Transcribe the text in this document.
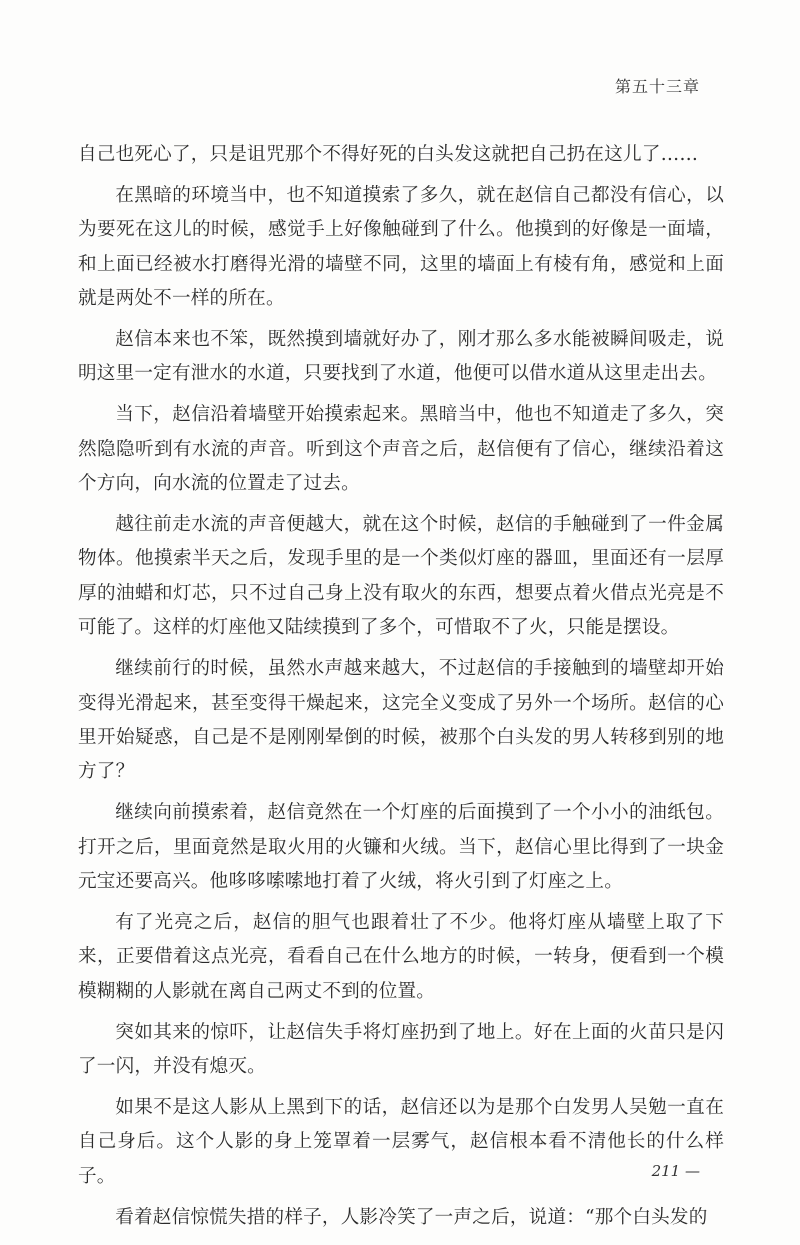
第五十三章

自己也死心了，只是诅咒那个不得好死的白头发这就把自己扔在这儿了……

在黑暗的环境当中，也不知道摸索了多久，就在赵信自己都没有信心，以为要死在这儿的时候，感觉手上好像触碰到了什么。他摸到的好像是一面墙，和上面已经被水打磨得光滑的墙壁不同，这里的墙面上有棱有角，感觉和上面就是两处不一样的所在。

赵信本来也不笨，既然摸到墙就好办了，刚才那么多水能被瞬间吸走，说明这里一定有泄水的水道，只要找到了水道，他便可以借水道从这里走出去。

当下，赵信沿着墙壁开始摸索起来。黑暗当中，他也不知道走了多久，突然隐隐听到有水流的声音。听到这个声音之后，赵信便有了信心，继续沿着这个方向，向水流的位置走了过去。

越往前走水流的声音便越大，就在这个时候，赵信的手触碰到了一件金属物体。他摸索半天之后，发现手里的是一个类似灯座的器皿，里面还有一层厚厚的油蜡和灯芯，只不过自己身上没有取火的东西，想要点着火借点光亮是不可能了。这样的灯座他又陆续摸到了多个，可惜取不了火，只能是摆设。

继续前行的时候，虽然水声越来越大，不过赵信的手接触到的墙壁却开始变得光滑起来，甚至变得干燥起来，这完全义变成了另外一个场所。赵信的心里开始疑惑，自己是不是刚刚晕倒的时候，被那个白头发的男人转移到别的地方了？

继续向前摸索着，赵信竟然在一个灯座的后面摸到了一个小小的油纸包。打开之后，里面竟然是取火用的火镰和火绒。当下，赵信心里比得到了一块金元宝还要高兴。他哆哆嗦嗦地打着了火绒，将火引到了灯座之上。

有了光亮之后，赵信的胆气也跟着壮了不少。他将灯座从墙壁上取了下来，正要借着这点光亮，看看自己在什么地方的时候，一转身，便看到一个模模糊糊的人影就在离自己两丈不到的位置。

突如其来的惊吓，让赵信失手将灯座扔到了地上。好在上面的火苗只是闪了一闪，并没有熄灭。

如果不是这人影从上黑到下的话，赵信还以为是那个白发男人吴勉一直在自己身后。这个人影的身上笼罩着一层雾气，赵信根本看不清他长的什么样子。

看着赵信惊慌失措的样子，人影冷笑了一声之后，说道：“那个白头发的

211 —
